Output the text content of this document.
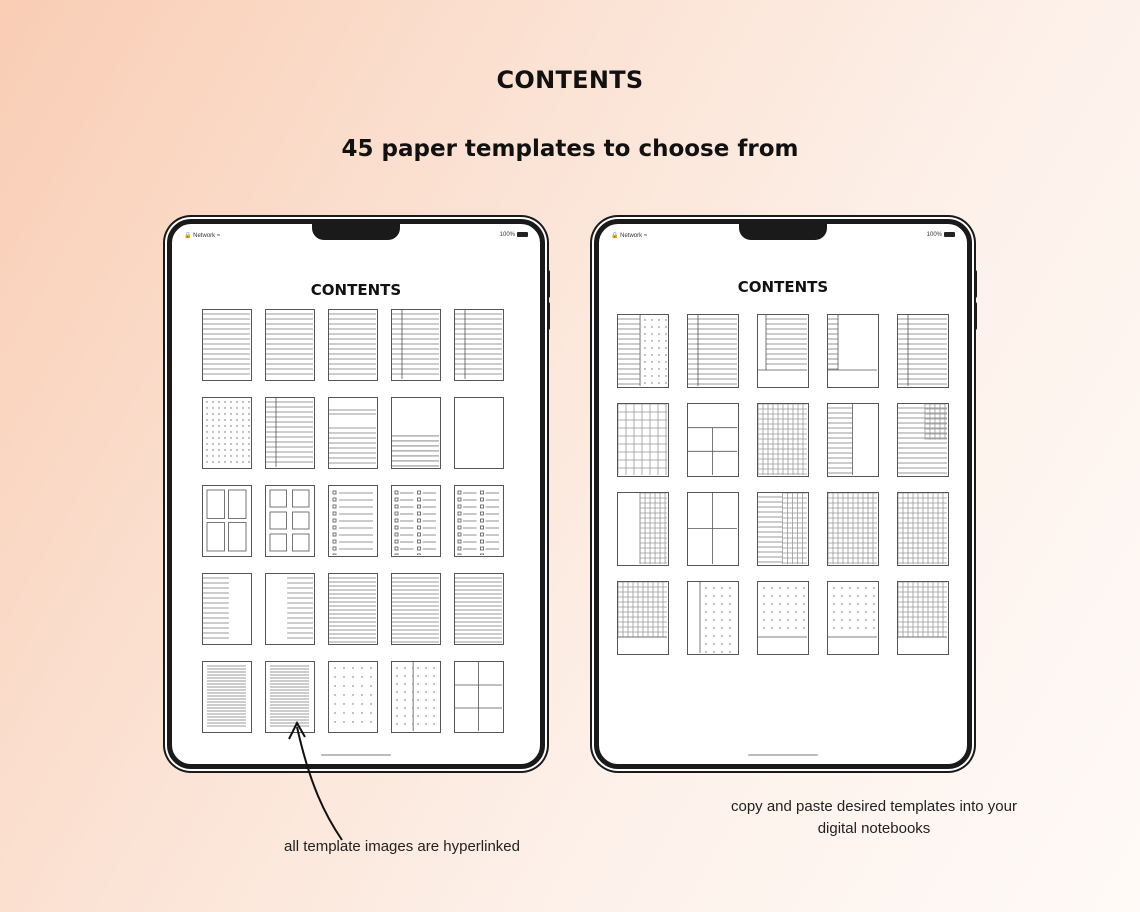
CONTENTS
45 paper templates to choose from
🔒 Network ≈	100%
CONTENTS
🔒 Network ≈	100%
CONTENTS
all template images are hyperlinked
copy and paste desired templates into your
digital notebooks
